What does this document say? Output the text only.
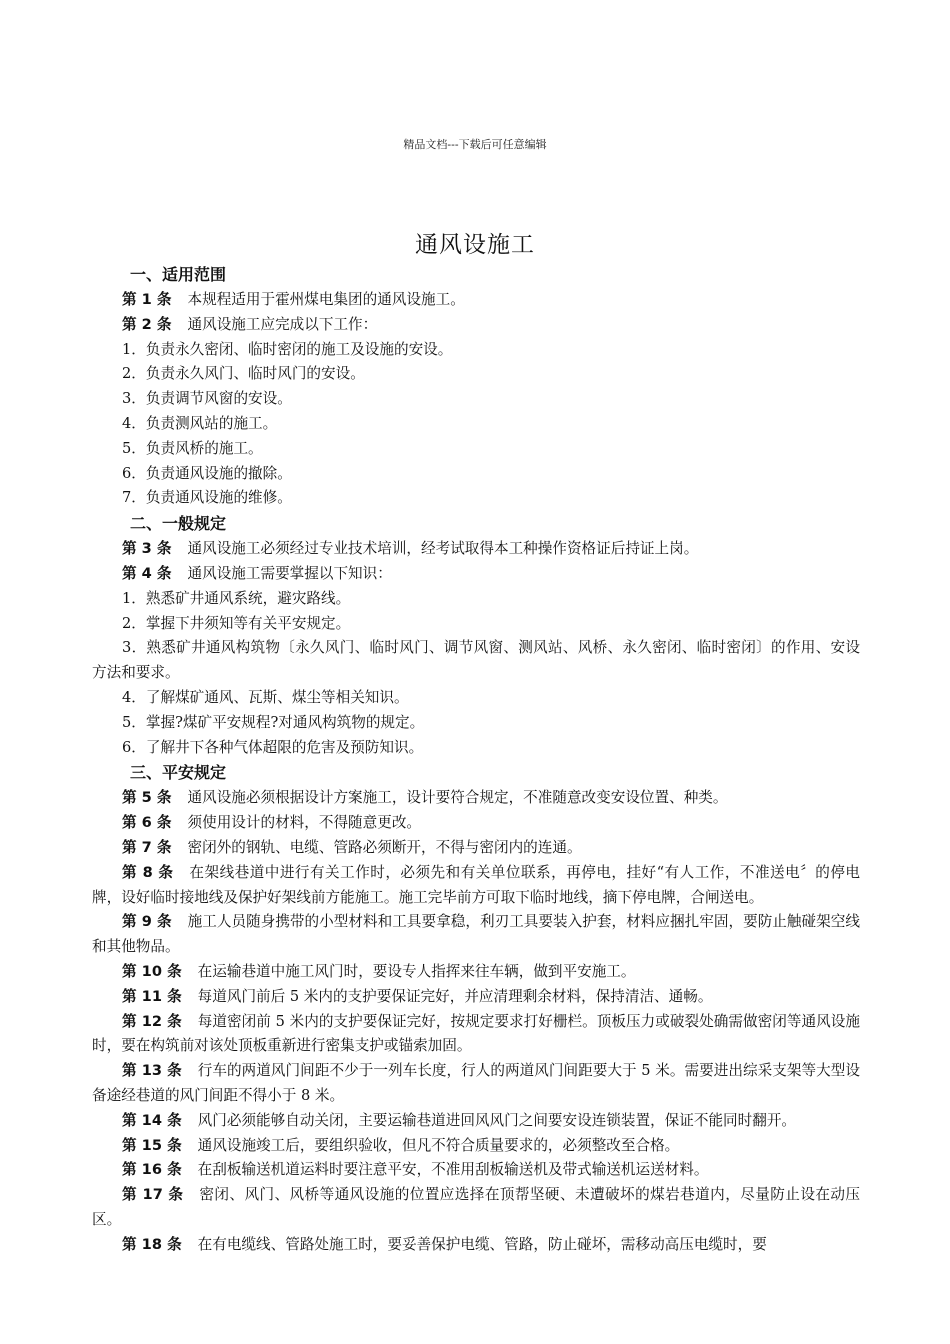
精品文档---下载后可任意编辑
通风设施工
一、适用范围

第 1 条 本规程适用于霍州煤电集团的通风设施工。

第 2 条 通风设施工应完成以下工作：

1．负责永久密闭、临时密闭的施工及设施的安设。

2．负责永久风门、临时风门的安设。

3．负责调节风窗的安设。

4．负责测风站的施工。

5．负责风桥的施工。

6．负责通风设施的撤除。

7．负责通风设施的维修。

二、一般规定

第 3 条 通风设施工必须经过专业技术培训，经考试取得本工种操作资格证后持证上岗。

第 4 条 通风设施工需要掌握以下知识：

1．熟悉矿井通风系统，避灾路线。

2．掌握下井须知等有关平安规定。

3．熟悉矿井通风构筑物〔永久风门、临时风门、调节风窗、测风站、风桥、永久密闭、临时密闭〕的作用、安设方法和要求。

4．了解煤矿通风、瓦斯、煤尘等相关知识。

5．掌握?煤矿平安规程?对通风构筑物的规定。

6．了解井下各种气体超限的危害及预防知识。

三、平安规定

第 5 条 通风设施必须根据设计方案施工，设计要符合规定，不准随意改变安设位置、种类。

第 6 条 须使用设计的材料，不得随意更改。

第 7 条 密闭外的钢轨、电缆、管路必须断开，不得与密闭内的连通。

第 8 条 在架线巷道中进行有关工作时，必须先和有关单位联系，再停电，挂好“有人工作，不准送电〞的停电牌，设好临时接地线及保护好架线前方能施工。施工完毕前方可取下临时地线，摘下停电牌，合闸送电。

第 9 条 施工人员随身携带的小型材料和工具要拿稳，利刃工具要装入护套，材料应捆扎牢固，要防止触碰架空线和其他物品。

第 10 条 在运输巷道中施工风门时，要设专人指挥来往车辆，做到平安施工。

第 11 条 每道风门前后 5 米内的支护要保证完好，并应清理剩余材料，保持清洁、通畅。

第 12 条 每道密闭前 5 米内的支护要保证完好，按规定要求打好栅栏。顶板压力或破裂处确需做密闭等通风设施时，要在构筑前对该处顶板重新进行密集支护或锚索加固。

第 13 条 行车的两道风门间距不少于一列车长度，行人的两道风门间距要大于 5 米。需要进出综采支架等大型设备途经巷道的风门间距不得小于 8 米。

第 14 条 风门必须能够自动关闭，主要运输巷道进回风风门之间要安设连锁装置，保证不能同时翻开。

第 15 条 通风设施竣工后，要组织验收，但凡不符合质量要求的，必须整改至合格。

第 16 条 在刮板输送机道运料时要注意平安，不准用刮板输送机及带式输送机运送材料。

第 17 条 密闭、风门、风桥等通风设施的位置应选择在顶帮坚硬、未遭破坏的煤岩巷道内，尽量防止设在动压区。

第 18 条 在有电缆线、管路处施工时，要妥善保护电缆、管路，防止碰坏，需移动高压电缆时，要
